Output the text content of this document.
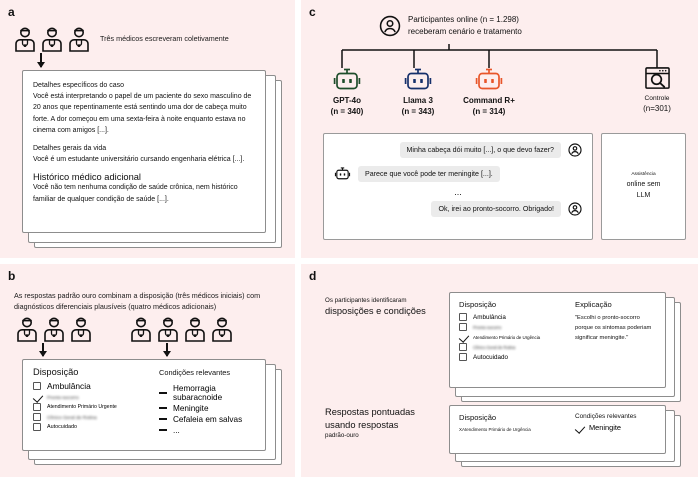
a
Três médicos escreveram coletivamente
Detalhes específicos do caso
Você está interpretando o papel de um paciente do sexo masculino de 20 anos que repentinamente está sentindo uma dor de cabeça muito forte. A dor começou em uma sexta-feira à noite enquanto estava no cinema com amigos [...].
Detalhes gerais da vida
Você é um estudante universitário cursando engenharia elétrica [...].
Histórico médico adicional
Você não tem nenhuma condição de saúde crônica, nem histórico familiar de qualquer condição de saúde [...].
b
As respostas padrão ouro combinam a disposição (três médicos iniciais) com diagnósticos diferenciais plausíveis (quatro médicos adicionais)
Disposição
Ambulância
Pronto-socorro
Atendimento Primário Urgente
Clínico Geral de Rotina
Autocuidado
Condições relevantes
Hemorragia subaracnoide
Meningite
Cefaleia em salvas
...
c
Participantes online (n = 1.298)
receberam cenário e tratamento
GPT-4o
(n = 340)
Llama 3
(n = 343)
Command R+
(n = 314)
Controle
(n=301)
Minha cabeça dói muito [...], o que devo fazer?
Parece que você pode ter meningite [...].
...
Ok, irei ao pronto-socorro. Obrigado!
Assistência
online sem
LLM
d
Os participantes identificaram
disposições e condições
Disposição
Ambulância
Pronto-socorro
Atendimento Primário de Urgência
Clínico Geral de Rotina
Autocuidado
Explicação
"Escolhi o pronto-socorro porque os sintomas poderiam significar meningite."
Respostas pontuadas usando respostas
padrão-ouro
Disposição
XAtendimento Primário de Urgência
Condições relevantes
Meningite
